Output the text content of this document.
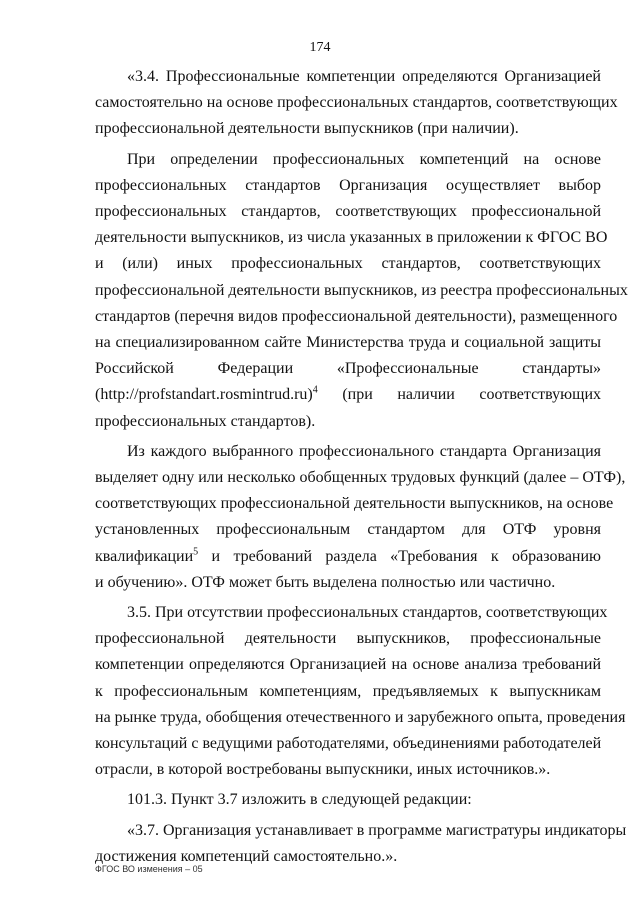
174

«3.4. Профессиональные компетенции определяются Организацией
самостоятельно на основе профессиональных стандартов, соответствующих
профессиональной деятельности выпускников (при наличии).

При определении профессиональных компетенций на основе
профессиональных стандартов Организация осуществляет выбор
профессиональных стандартов, соответствующих профессиональной
деятельности выпускников, из числа указанных в приложении к ФГОС ВО
и (или) иных профессиональных стандартов, соответствующих
профессиональной деятельности выпускников, из реестра профессиональных
стандартов (перечня видов профессиональной деятельности), размещенного
на специализированном сайте Министерства труда и социальной защиты
Российской Федерации «Профессиональные стандарты»
(http://profstandart.rosmintrud.ru)$^4$ (при наличии соответствующих
профессиональных стандартов).

Из каждого выбранного профессионального стандарта Организация
выделяет одну или несколько обобщенных трудовых функций (далее – ОТФ),
соответствующих профессиональной деятельности выпускников, на основе
установленных профессиональным стандартом для ОТФ уровня
квалификации$^5$ и требований раздела «Требования к образованию
и обучению». ОТФ может быть выделена полностью или частично.

3.5. При отсутствии профессиональных стандартов, соответствующих
профессиональной деятельности выпускников, профессиональные
компетенции определяются Организацией на основе анализа требований
к профессиональным компетенциям, предъявляемых к выпускникам
на рынке труда, обобщения отечественного и зарубежного опыта, проведения
консультаций с ведущими работодателями, объединениями работодателей
отрасли, в которой востребованы выпускники, иных источников.».

101.3. Пункт 3.7 изложить в следующей редакции:

«3.7. Организация устанавливает в программе магистратуры индикаторы
достижения компетенций самостоятельно.».

ФГОС ВО изменения – 05
